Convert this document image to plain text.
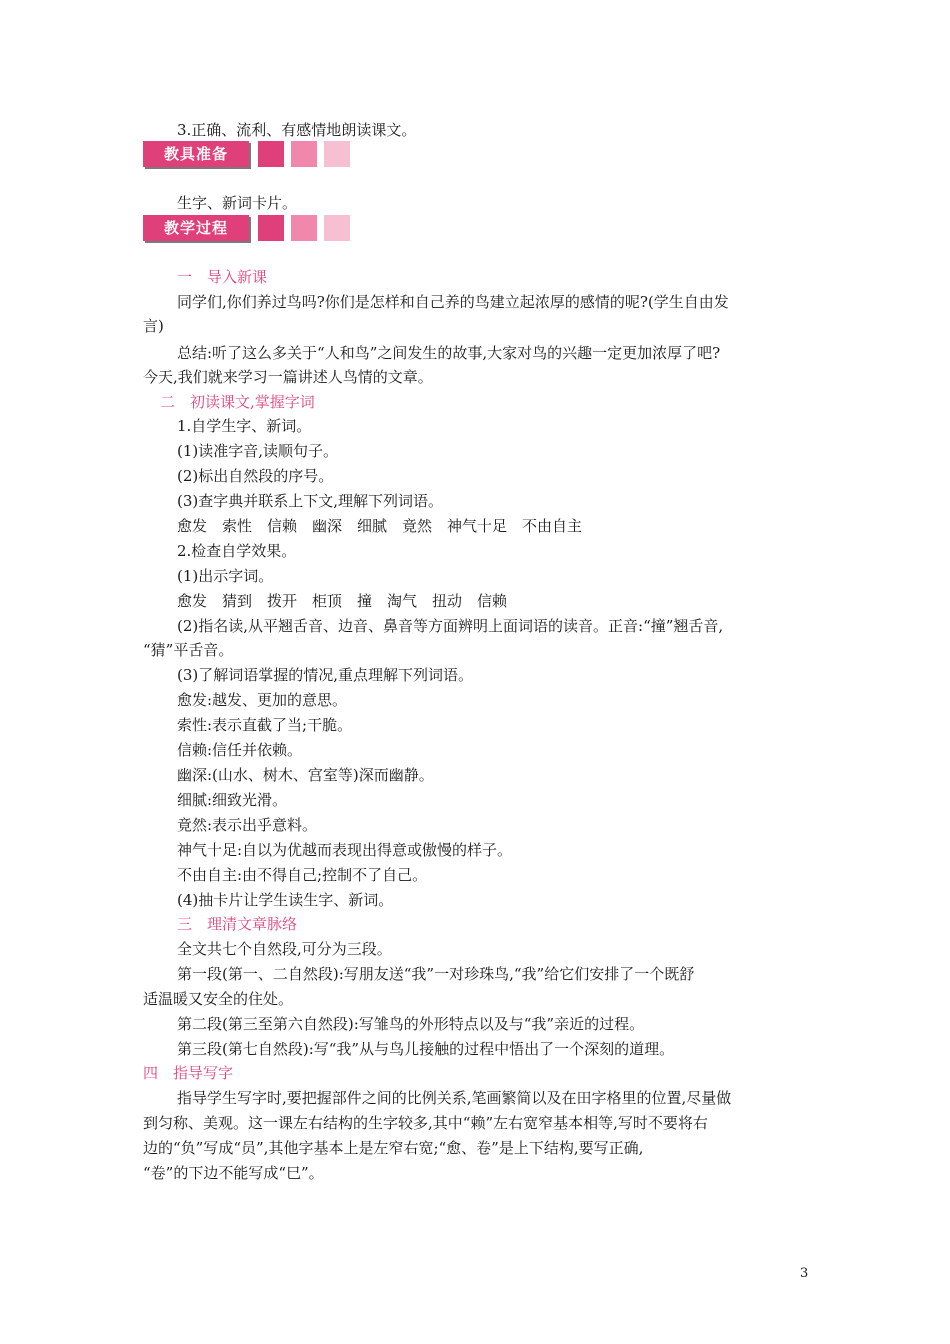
3.正确、流利、有感情地朗读课文。
教具准备
生字、新词卡片。
教学过程
一　导入新课
同学们,你们养过鸟吗?你们是怎样和自己养的鸟建立起浓厚的感情的呢?(学生自由发
言)
总结:听了这么多关于“人和鸟”之间发生的故事,大家对鸟的兴趣一定更加浓厚了吧?
今天,我们就来学习一篇讲述人鸟情的文章。
二　初读课文,掌握字词
1.自学生字、新词。
(1)读准字音,读顺句子。
(2)标出自然段的序号。
(3)查字典并联系上下文,理解下列词语。
愈发　索性　信赖　幽深　细腻　竟然　神气十足　不由自主
2.检查自学效果。
(1)出示字词。
愈发　猜到　拨开　柜顶　撞　淘气　扭动　信赖
(2)指名读,从平翘舌音、边音、鼻音等方面辨明上面词语的读音。正音:“撞”翘舌音,
“猜”平舌音。
(3)了解词语掌握的情况,重点理解下列词语。
愈发:越发、更加的意思。
索性:表示直截了当;干脆。
信赖:信任并依赖。
幽深:(山水、树木、宫室等)深而幽静。
细腻:细致光滑。
竟然:表示出乎意料。
神气十足:自以为优越而表现出得意或傲慢的样子。
不由自主:由不得自己;控制不了自己。
(4)抽卡片让学生读生字、新词。
三　理清文章脉络
全文共七个自然段,可分为三段。
第一段(第一、二自然段):写朋友送“我”一对珍珠鸟,“我”给它们安排了一个既舒
适温暖又安全的住处。
第二段(第三至第六自然段):写雏鸟的外形特点以及与“我”亲近的过程。
第三段(第七自然段):写“我”从与鸟儿接触的过程中悟出了一个深刻的道理。
四　指导写字
指导学生写字时,要把握部件之间的比例关系,笔画繁简以及在田字格里的位置,尽量做
到匀称、美观。这一课左右结构的生字较多,其中“赖”左右宽窄基本相等,写时不要将右
边的“负”写成“员”,其他字基本上是左窄右宽;“愈、卷”是上下结构,要写正确,
“卷”的下边不能写成“巳”。
3
